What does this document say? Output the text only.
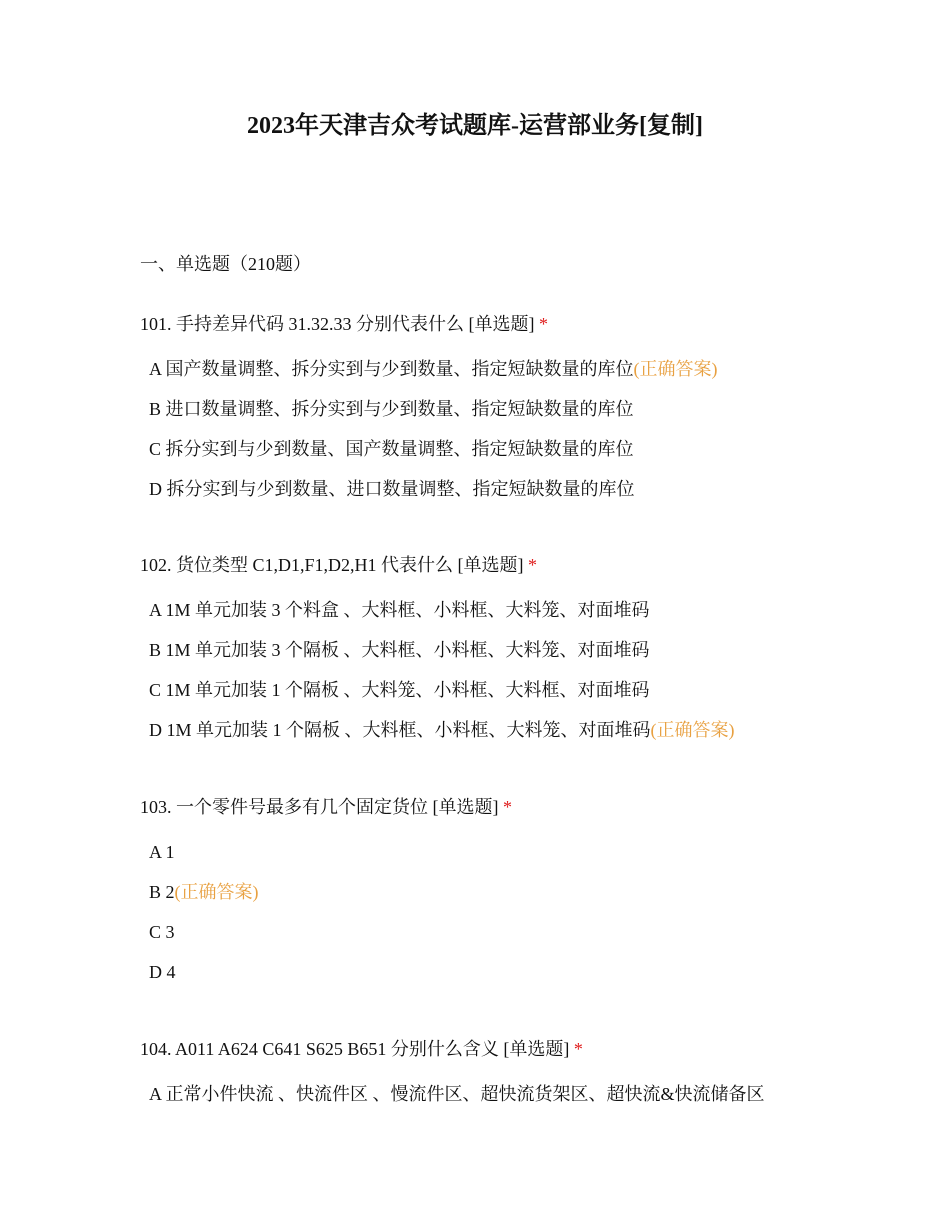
2023年天津吉众考试题库-运营部业务[复制]
一、单选题（210题）
101. 手持差异代码 31.32.33 分别代表什么 [单选题] *
A 国产数量调整、拆分实到与少到数量、指定短缺数量的库位(正确答案)
B 进口数量调整、拆分实到与少到数量、指定短缺数量的库位
C 拆分实到与少到数量、国产数量调整、指定短缺数量的库位
D 拆分实到与少到数量、进口数量调整、指定短缺数量的库位
102. 货位类型 C1,D1,F1,D2,H1 代表什么 [单选题] *
A 1M 单元加装 3 个料盒 、大料框、小料框、大料笼、对面堆码
B 1M 单元加装 3 个隔板 、大料框、小料框、大料笼、对面堆码
C 1M 单元加装 1 个隔板 、大料笼、小料框、大料框、对面堆码
D 1M 单元加装 1 个隔板 、大料框、小料框、大料笼、对面堆码(正确答案)
103. 一个零件号最多有几个固定货位 [单选题] *
A 1
B 2(正确答案)
C 3
D 4
104. A011 A624 C641 S625 B651 分别什么含义 [单选题] *
A 正常小件快流 、快流件区 、慢流件区、超快流货架区、超快流&快流储备区
